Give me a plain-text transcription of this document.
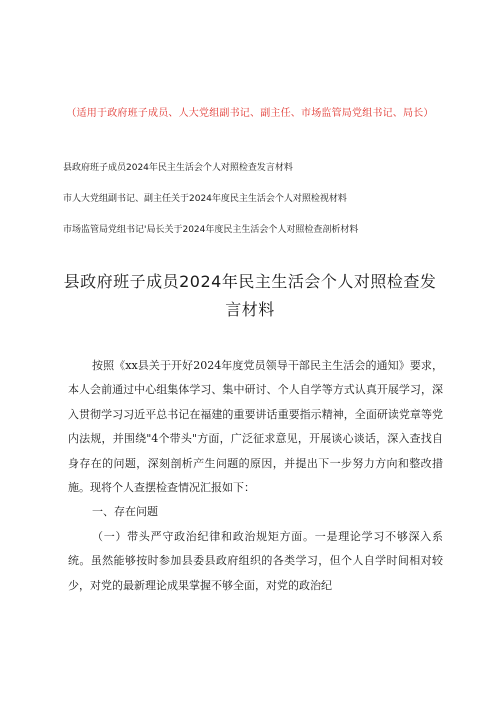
（适用于政府班子成员、人大党组副书记、副主任、市场监管局党组书记、局长）
县政府班子成员2024年民主生活会个人对照检查发言材料
市人大党组副书记、副主任关于2024年度民主生活会个人对照检视材料
市场监管局党组书记'局长关于2024年度民主生活会个人对照检查剖析材料
县政府班子成员2024年民主生活会个人对照检查发言材料

按照《xx县关于开好2024年度党员领导干部民主生活会的通知》要求，本人会前通过中心组集体学习、集中研讨、个人自学等方式认真开展学习，深入贯彻学习习近平总书记在福建的重要讲话重要指示精神，全面研读党章等党内法规，并围绕"4个带头"方面，广泛征求意见，开展谈心谈话，深入查找自身存在的问题，深刻剖析产生问题的原因，并提出下一步努力方向和整改措施。现将个人查摆检查情况汇报如下：

一、存在问题

（一）带头严守政治纪律和政治规矩方面。一是理论学习不够深入系统。虽然能够按时参加县委县政府组织的各类学习，但个人自学时间相对较少，对党的最新理论成果掌握不够全面，对党的政治纪
